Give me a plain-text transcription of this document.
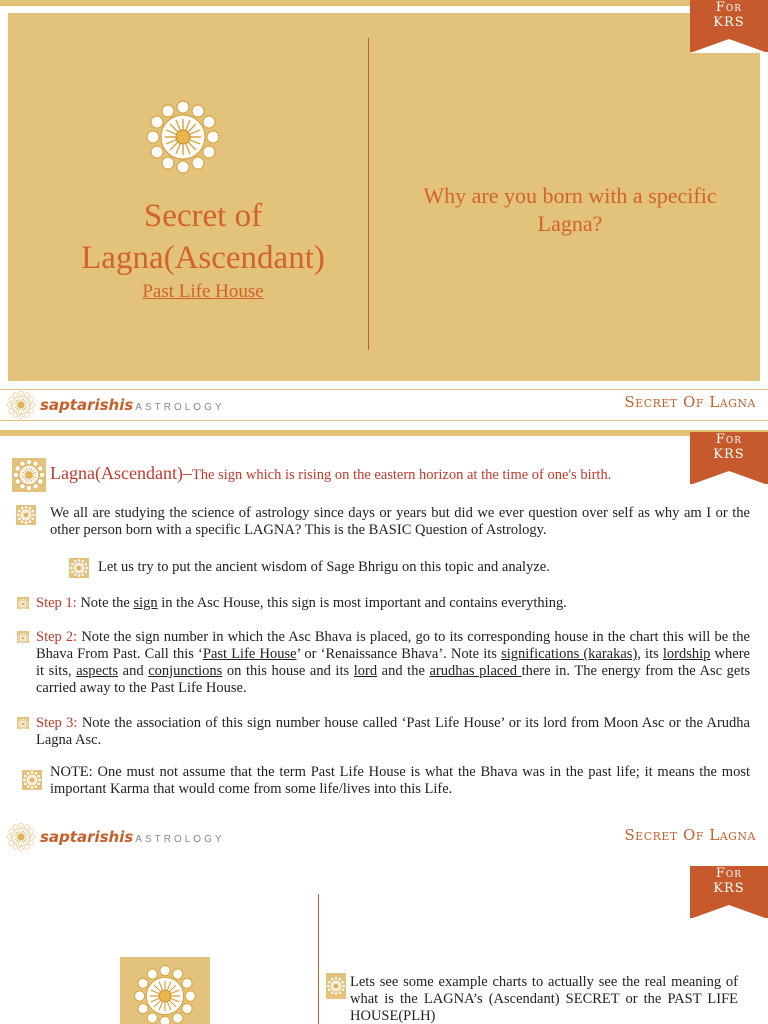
Secret of
Lagna(Ascendant)
Past Life House
Why are you born with a specific Lagna?
For
KRS
saptarishis ASTROLOGY	Secret Of Lagna
For
KRS
Lagna(Ascendant)–The sign which is rising on the eastern horizon at the time of one's birth.
We all are studying the science of astrology since days or years but did we ever question over self as why am I or the other person born with a specific LAGNA? This is the BASIC Question of Astrology.
Let us try to put the ancient wisdom of Sage Bhrigu on this topic and analyze.
Step 1: Note the sign in the Asc House, this sign is most important and contains everything.
Step 2: Note the sign number in which the Asc Bhava is placed, go to its corresponding house in the chart this will be the Bhava From Past. Call this ‘Past Life House’ or ‘Renaissance Bhava’. Note its significations (karakas), its lordship where it sits, aspects and conjunctions on this house and its lord and the arudhas placed there in. The energy from the Asc gets carried away to the Past Life House.
Step 3: Note the association of this sign number house called ‘Past Life House’ or its lord from Moon Asc or the Arudha Lagna Asc.
NOTE: One must not assume that the term Past Life House is what the Bhava was in the past life; it means the most important Karma that would come from some life/lives into this Life.
saptarishis ASTROLOGY	Secret Of Lagna
For
KRS
Lets see some example charts to actually see the real meaning of what is the LAGNA’s (Ascendant) SECRET or the PAST LIFE HOUSE(PLH)
